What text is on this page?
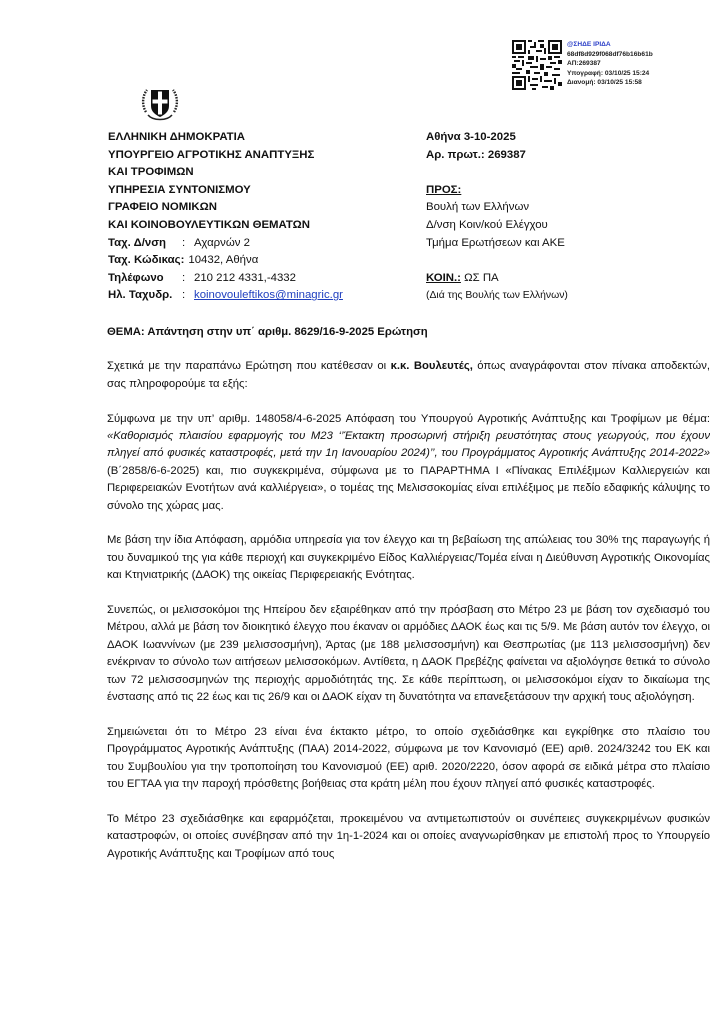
@ΣΗΔΕ ΙΡΙΔΑ
68df8d929f068df76b16b61b
ΑΠ:269387
Υπογραφή: 03/10/25 15:24
Διανομή: 03/10/25 15:58
ΕΛΛΗΝΙΚΗ ΔΗΜΟΚΡΑΤΙΑ
ΥΠΟΥΡΓΕΙΟ ΑΓΡΟΤΙΚΗΣ ΑΝΑΠΤΥΞΗΣ
ΚΑΙ ΤΡΟΦΙΜΩΝ
ΥΠΗΡΕΣΙΑ ΣΥΝΤΟΝΙΣΜΟΥ
ΓΡΑΦΕΙΟ ΝΟΜΙΚΩΝ
ΚΑΙ ΚΟΙΝΟΒΟΥΛΕΥΤΙΚΩΝ ΘΕΜΑΤΩΝ
Ταχ. Δ/νση	: Αχαρνών 2
Ταχ. Κώδικας : 10432, Αθήνα
Τηλέφωνο	: 210 212 4331,-4332
Ηλ. Ταχυδρ. : koinovouleftikos@minagric.gr
Αθήνα 3-10-2025
Αρ. πρωτ.: 269387
ΠΡΟΣ:
Βουλή των Ελλήνων
Δ/νση Κοιν/κού Ελέγχου
Τμήμα Ερωτήσεων και ΑΚΕ
ΚΟΙΝ.: ΩΣ ΠΑ
(Διά της Βουλής των Ελλήνων)
ΘΕΜΑ: Απάντηση στην υπ΄ αριθμ. 8629/16-9-2025 Ερώτηση

Σχετικά με την παραπάνω Ερώτηση που κατέθεσαν οι κ.κ. Βουλευτές, όπως αναγράφονται στον πίνακα αποδεκτών, σας πληροφορούμε τα εξής:

Σύμφωνα με την υπ’ αριθμ. 148058/4-6-2025 Απόφαση του Υπουργού Αγροτικής Ανάπτυξης και Τροφίμων με θέμα: «Καθορισμός πλαισίου εφαρμογής του Μ23 ‘’Έκτακτη προσωρινή στήριξη ρευστότητας στους γεωργούς, που έχουν πληγεί από φυσικές καταστροφές, μετά την 1η Ιανουαρίου 2024)’’, του Προγράμματος Αγροτικής Ανάπτυξης 2014-2022» (Β΄2858/6-6-2025) και, πιο συγκεκριμένα, σύμφωνα με το ΠΑΡΑΡΤΗΜΑ Ι «Πίνακας Επιλέξιμων Καλλιεργειών και Περιφερειακών Ενοτήτων ανά καλλιέργεια», ο τομέας της Μελισσοκομίας είναι επιλέξιμος με πεδίο εδαφικής κάλυψης το σύνολο της χώρας μας.

Με βάση την ίδια Απόφαση, αρμόδια υπηρεσία για τον έλεγχο και τη βεβαίωση της απώλειας του 30% της παραγωγής ή του δυναμικού της για κάθε περιοχή και συγκεκριμένο Είδος Καλλιέργειας/Τομέα είναι η Διεύθυνση Αγροτικής Οικονομίας και Κτηνιατρικής (ΔΑΟΚ) της οικείας Περιφερειακής Ενότητας.

Συνεπώς, οι μελισσοκόμοι της Ηπείρου δεν εξαιρέθηκαν από την πρόσβαση στο Μέτρο 23 με βάση τον σχεδιασμό του Μέτρου, αλλά με βάση τον διοικητικό έλεγχο που έκαναν οι αρμόδιες ΔΑΟΚ έως και τις 5/9. Με βάση αυτόν τον έλεγχο, οι ΔΑΟΚ Ιωαννίνων (με 239 μελισσοσμήνη), Άρτας (με 188 μελισσοσμήνη) και Θεσπρωτίας (με 113 μελισσοσμήνη) δεν ενέκριναν το σύνολο των αιτήσεων μελισσοκόμων. Αντίθετα, η ΔΑΟΚ Πρεβέζης φαίνεται να αξιολόγησε θετικά το σύνολο των 72 μελισσοσμηνών της περιοχής αρμοδιότητάς της. Σε κάθε περίπτωση, οι μελισσοκόμοι είχαν το δικαίωμα της ένστασης από τις 22 έως και τις 26/9 και οι ΔΑΟΚ είχαν τη δυνατότητα να επανεξετάσουν την αρχική τους αξιολόγηση.

Σημειώνεται ότι το Μέτρο 23 είναι ένα έκτακτο μέτρο, το οποίο σχεδιάσθηκε και εγκρίθηκε στο πλαίσιο του Προγράμματος Αγροτικής Ανάπτυξης (ΠΑΑ) 2014-2022, σύμφωνα με τον Κανονισμό (ΕΕ) αριθ. 2024/3242 του ΕΚ και του Συμβουλίου για την τροποποίηση του Κανονισμού (ΕΕ) αριθ. 2020/2220, όσον αφορά σε ειδικά μέτρα στο πλαίσιο του ΕΓΤΑΑ για την παροχή πρόσθετης βοήθειας στα κράτη μέλη που έχουν πληγεί από φυσικές καταστροφές.

Το Μέτρο 23 σχεδιάσθηκε και εφαρμόζεται, προκειμένου να αντιμετωπιστούν οι συνέπειες συγκεκριμένων φυσικών καταστροφών, οι οποίες συνέβησαν από την 1η-1-2024 και οι οποίες αναγνωρίσθηκαν με επιστολή προς το Υπουργείο Αγροτικής Ανάπτυξης και Τροφίμων από τους
